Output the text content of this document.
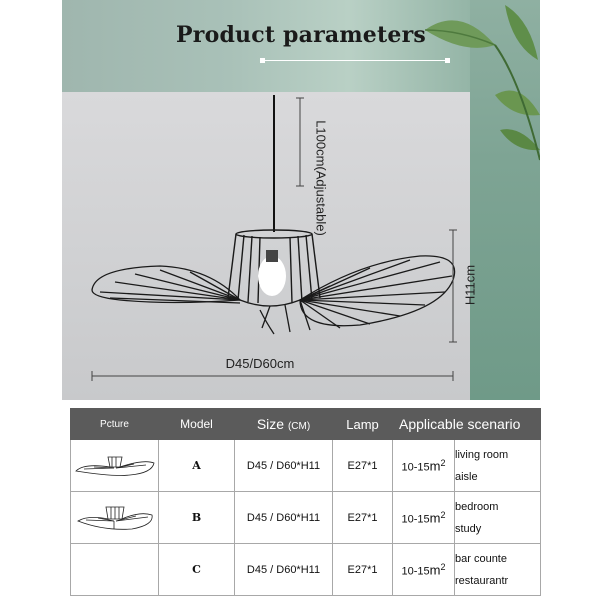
Product parameters
L100cm(Adjustable)
H11cm
D45/D60cm
Pcture	Model	Size (CM)	Lamp	Applicable scenario	
	A	D45 / D60*H11	E27*1	$10-15m^2$	living room
aisle

	B	D45 / D60*H11	E27*1	$10-15m^2$	bedroom
study

	C	D45 / D60*H11	E27*1	$10-15m^2$	bar counte
restaurantr
